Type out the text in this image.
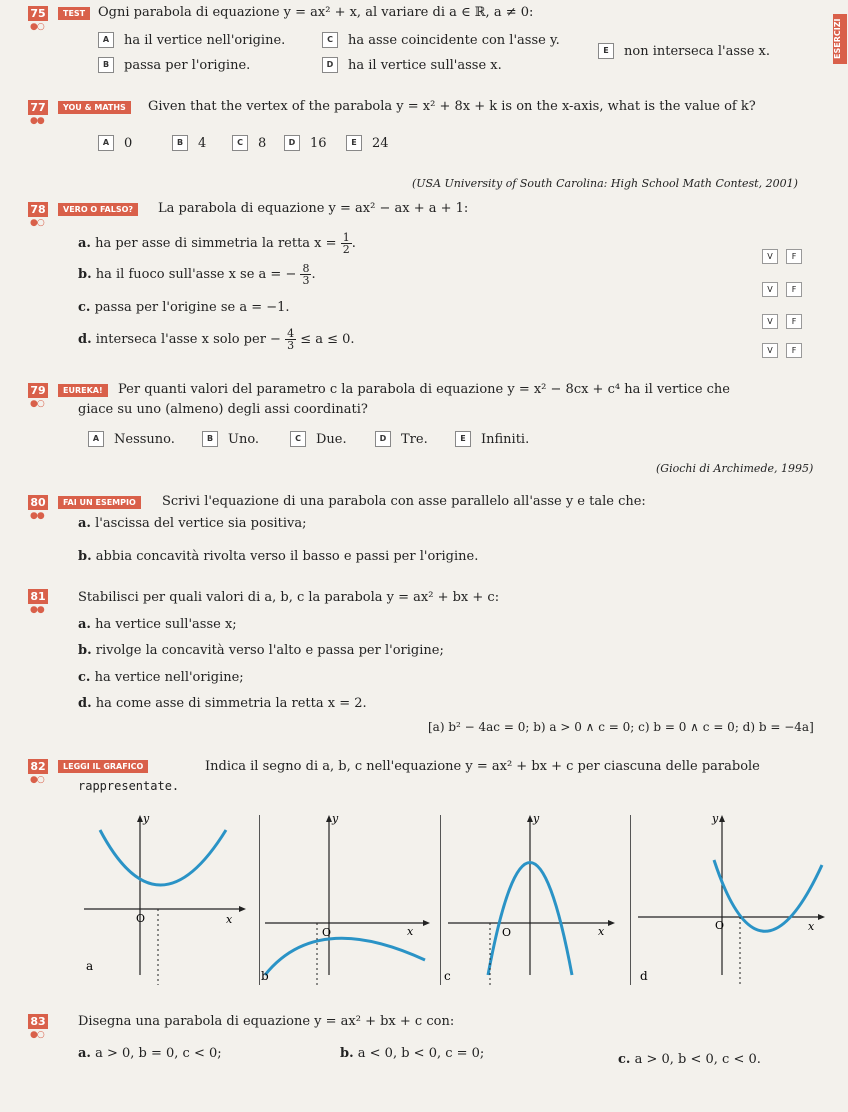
ESERCIZI
75
●○
TEST Ogni parabola di equazione y = ax² + x, al variare di a ∈ ℝ, a ≠ 0:
A	ha il vertice nell'origine.
B	passa per l'origine.
C	ha asse coincidente con l'asse y.
D	ha il vertice sull'asse x.
E	non interseca l'asse x.
77
●●
YOU & MATHS	Given that the vertex of the parabola y = x² + 8x + k is on the x-axis, what is the value of k?
A	0	B	4	C	8	D	16	E	24
(USA University of South Carolina: High School Math Contest, 2001)
78
●○
VERO O FALSO?	La parabola di equazione y = ax² − ax + a + 1:
a. ha per asse di simmetria la retta $x = \frac{1}{2}$ .
V	F
b. ha il fuoco sull'asse x se a = − $\frac{8}{3}$ .
V	F
c. passa per l'origine se a = −1.
V	F
d. interseca l'asse x solo per − $\frac{4}{3} \le a \le 0$.
V	F
79
●○
EUREKA!	Per quanti valori del parametro c la parabola di equazione y = x² − 8cx + c⁴ ha il vertice che
giace su uno (almeno) degli assi coordinati?
A	Nessuno.	B	Uno.	C	Due.	D	Tre.	E	Infiniti.
(Giochi di Archimede, 1995)
80
●●
FAI UN ESEMPIO	Scrivi l'equazione di una parabola con asse parallelo all'asse y e tale che:
a. l'ascissa del vertice sia positiva;
b. abbia concavità rivolta verso il basso e passi per l'origine.
81
●●
Stabilisci per quali valori di a, b, c la parabola y = ax² + bx + c:
a. ha vertice sull'asse x;
b. rivolge la concavità verso l'alto e passa per l'origine;
c. ha vertice nell'origine;
d. ha come asse di simmetria la retta x = 2.
[a) b² − 4ac = 0; b) a > 0 ∧ c = 0; c) b = 0 ∧ c = 0; d) b = −4a]
82
●○
LEGGI IL GRAFICO	Indica il segno di a, b, c nell'equazione y = ax² + bx + c per ciascuna delle parabole
rappresentate.
y
x
O
a
y
x
O
b
y
x
O
c
y
x
O
d
83
●○
Disegna una parabola di equazione y = ax² + bx + c con:
a. a > 0, b = 0, c < 0;	b. a < 0, b < 0, c = 0;	c. a > 0, b < 0, c < 0.
